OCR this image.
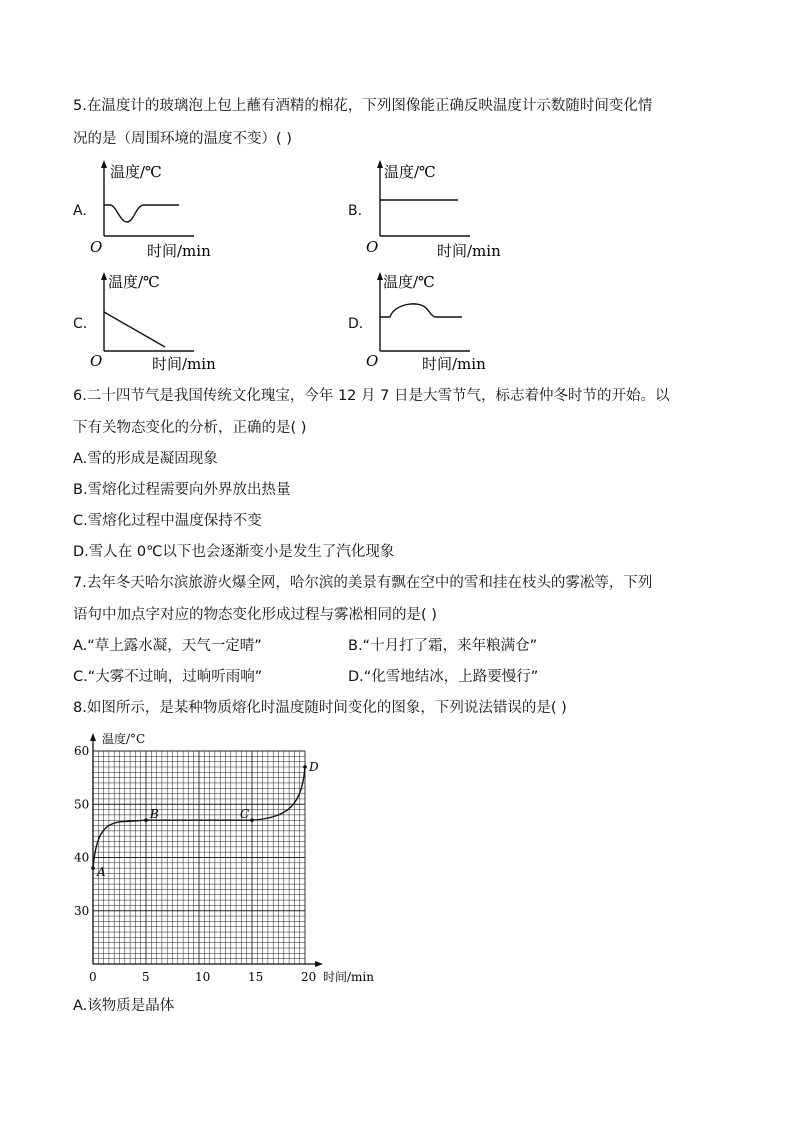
5.在温度计的玻璃泡上包上蘸有酒精的棉花，下列图像能正确反映温度计示数随时间变化情
况的是（周围环境的温度不变）( )
A.
温度/℃
时间/min
O
B.
温度/℃
时间/min
O
C.
温度/℃
时间/min
O
D.
温度/℃
时间/min
O
6.二十四节气是我国传统文化瑰宝，今年 12 月 7 日是大雪节气，标志着仲冬时节的开始。以
下有关物态变化的分析，正确的是( )
A.雪的形成是凝固现象
B.雪熔化过程需要向外界放出热量
C.雪熔化过程中温度保持不变
D.雪人在 0℃以下也会逐渐变小是发生了汽化现象
7.去年冬天哈尔滨旅游火爆全网，哈尔滨的美景有飘在空中的雪和挂在枝头的雾凇等，下列
语句中加点字对应的物态变化形成过程与雾凇相同的是( )
A.“草上露水凝，天气一定晴”	B.“十月打了霜，来年粮满仓”
C.“大雾不过晌，过晌听雨响”	D.“化雪地结冰，上路要慢行”
8.如图所示，是某种物质熔化时温度随时间变化的图象，下列说法错误的是( )
0	5	10	15	20
30
40
50
60
温度/°C
时间/min
A
B	C
D
A.该物质是晶体
